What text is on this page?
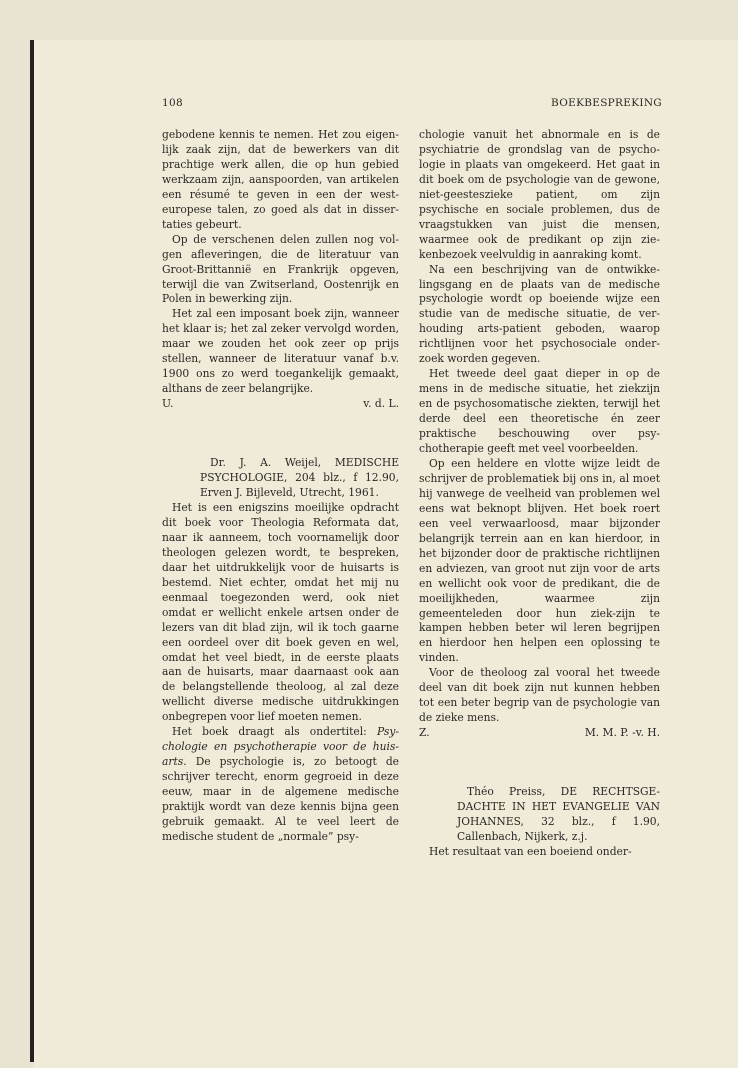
108	BOEKBESPREKING

gebodene kennis te nemen. Het zou eigenlijk zaak zijn, dat de bewerkers van dit prachtige werk allen, die op hun gebied werkzaam zijn, aanspoorden, van artikelen een résumé te geven in een der westeuropese talen, zo goed als dat in dissertaties gebeurt.

Op de verschenen delen zullen nog volgen afleveringen, die de literatuur van Groot-Brittannië en Frankrijk opgeven, terwijl die van Zwitserland, Oostenrijk en Polen in bewerking zijn.

Het zal een imposant boek zijn, wanneer het klaar is; het zal zeker vervolgd worden, maar we zouden het ook zeer op prijs stellen, wanneer de literatuur vanaf b.v. 1900 ons zo werd toegankelijk gemaakt, althans de zeer belangrijke.

U.	v. d. L.

Dr. J. A. Weijel, MEDISCHE PSYCHOLOGIE, 204 blz., f 12.90, Erven J. Bijleveld, Utrecht, 1961.

Het is een enigszins moeilijke opdracht dit boek voor Theologia Reformata dat, naar ik aanneem, toch voornamelijk door theologen gelezen wordt, te bespreken, daar het uitdrukkelijk voor de huisarts is bestemd. Niet echter, omdat het mij nu eenmaal toegezonden werd, ook niet omdat er wellicht enkele artsen onder de lezers van dit blad zijn, wil ik toch gaarne een oordeel over dit boek geven en wel, omdat het veel biedt, in de eerste plaats aan de huisarts, maar daarnaast ook aan de belangstellende theoloog, al zal deze wellicht diverse medische uitdrukkingen onbegrepen voor lief moeten nemen.

Het boek draagt als ondertitel: Psychologie en psychotherapie voor de huisarts. De psychologie is, zo betoogt de schrijver terecht, enorm gegroeid in deze eeuw, maar in de algemene medische praktijk wordt van deze kennis bijna geen gebruik gemaakt. Al te veel leert de medische student de „normale” psy-

chologie vanuit het abnormale en is de psychiatrie de grondslag van de psychologie in plaats van omgekeerd. Het gaat in dit boek om de psychologie van de gewone, niet-geesteszieke patient, om zijn psychische en sociale problemen, dus de vraagstukken van juist die mensen, waarmee ook de predikant op zijn ziekenbezoek veelvuldig in aanraking komt.

Na een beschrijving van de ontwikkelingsgang en de plaats van de medische psychologie wordt op boeiende wijze een studie van de medische situatie, de verhouding arts-patient geboden, waarop richtlijnen voor het psychosociale onderzoek worden gegeven.

Het tweede deel gaat dieper in op de mens in de medische situatie, het ziekzijn en de psychosomatische ziekten, terwijl het derde deel een theoretische én zeer praktische beschouwing over psychotherapie geeft met veel voorbeelden.

Op een heldere en vlotte wijze leidt de schrijver de problematiek bij ons in, al moet hij vanwege de veelheid van problemen wel eens wat beknopt blijven. Het boek roert een veel verwaarloosd, maar bijzonder belangrijk terrein aan en kan hierdoor, in het bijzonder door de praktische richtlijnen en adviezen, van groot nut zijn voor de arts en wellicht ook voor de predikant, die de moeilijkheden, waarmee zijn gemeenteleden door hun ziek-zijn te kampen hebben beter wil leren begrijpen en hierdoor hen helpen een oplossing te vinden.

Voor de theoloog zal vooral het tweede deel van dit boek zijn nut kunnen hebben tot een beter begrip van de psychologie van de zieke mens.

Z.	M. M. P. -v. H.

Théo Preiss, DE RECHTSGEDACHTE IN HET EVANGELIE VAN JOHANNES, 32 blz., f 1.90, Callenbach, Nijkerk, z.j.

Het resultaat van een boeiend onder-
